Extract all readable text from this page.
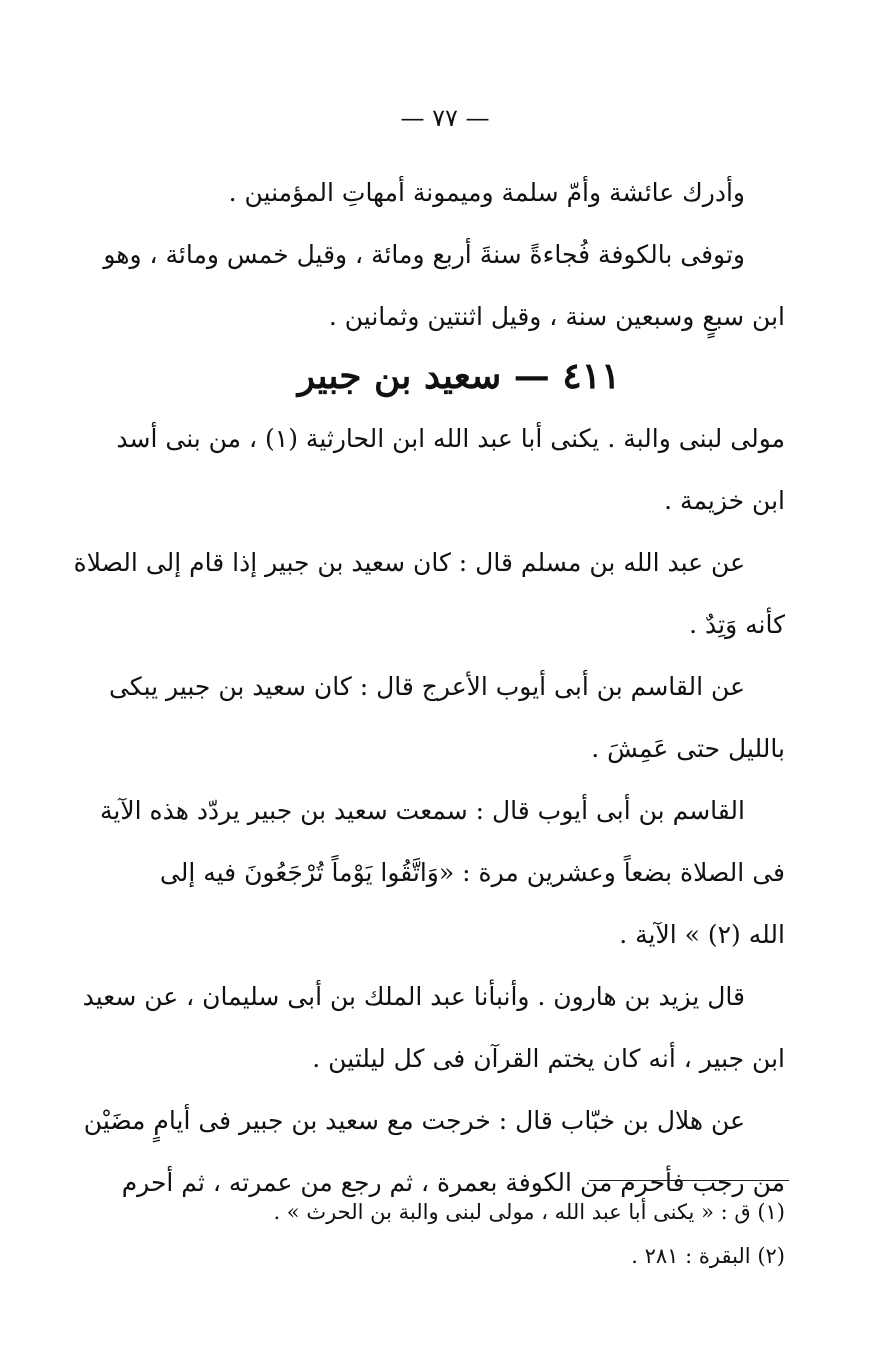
— ٧٧ —
وأدرك عائشة وأمّ سلمة وميمونة أمهاتِ المؤمنين .
وتوفى بالكوفة فُجاءةً سنةَ أربع ومائة ، وقيل خمس ومائة ، وهو
ابن سبعٍ وسبعين سنة ، وقيل اثنتين وثمانين .
٤١١ — سعيد بن جبير
مولى لبنى والبة . يكنى أبا عبد الله ابن الحارثية (١) ، من بنى أسد
ابن خزيمة .
عن عبد الله بن مسلم قال : كان سعيد بن جبير إذا قام إلى الصلاة
كأنه وَتِدٌ .
عن القاسم بن أبى أيوب الأعرج قال : كان سعيد بن جبير يبكى
بالليل حتى عَمِشَ .
القاسم بن أبى أيوب قال : سمعت سعيد بن جبير يردّد هذه الآية
فى الصلاة بضعاً وعشرين مرة : «وَاتَّقُوا يَوْماً تُرْجَعُونَ فيه إلى
الله (٢) » الآية .
قال يزيد بن هارون . وأنبأنا عبد الملك بن أبى سليمان ، عن سعيد
ابن جبير ، أنه كان يختم القرآن فى كل ليلتين .
عن هلال بن خبّاب قال : خرجت مع سعيد بن جبير فى أيامٍ مضَيْن
من رجب فأحرم من الكوفة بعمرة ، ثم رجع من عمرته ، ثم أحرم
(١) ق : « يكنى أبا عبد الله ، مولى لبنى والبة بن الحرث » .
(٢) البقرة : ٢٨١ .
